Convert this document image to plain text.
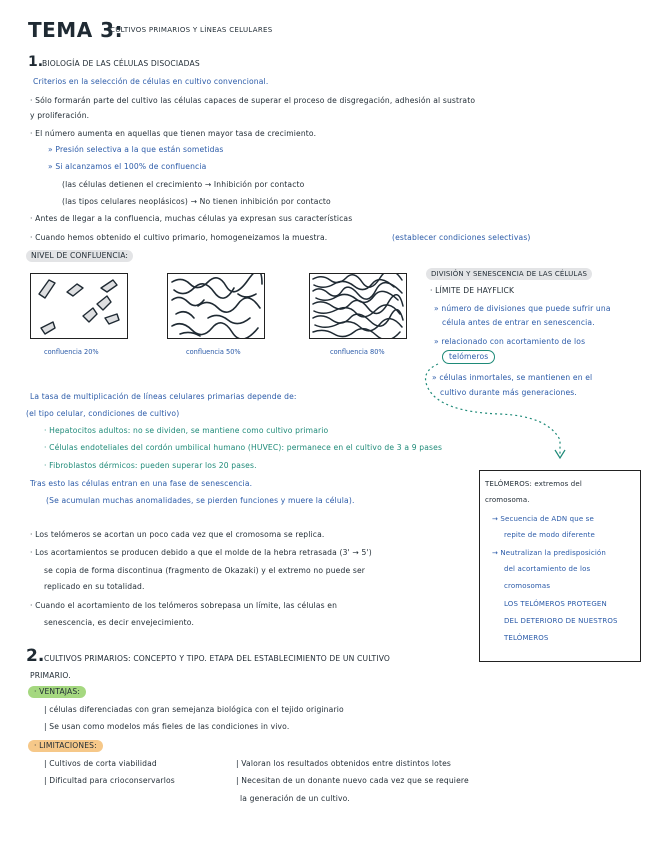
TEMA 3:
CULTIVOS PRIMARIOS Y LÍNEAS CELULARES
1.
BIOLOGÍA DE LAS CÉLULAS DISOCIADAS
Criterios en la selección de células en cultivo convencional.
· Sólo formarán parte del cultivo las células capaces de superar el proceso de disgregación, adhesión al sustrato
y proliferación.
· El número aumenta en aquellas que tienen mayor tasa de crecimiento.
» Presión selectiva a la que están sometidas
» Si alcanzamos el 100% de confluencia
(las células detienen el crecimiento → Inhibición por contacto
(las tipos celulares neoplásicos) → No tienen inhibición por contacto
· Antes de llegar a la confluencia, muchas células ya expresan sus características
· Cuando hemos obtenido el cultivo primario, homogeneizamos la muestra.	(establecer condiciones selectivas)
NIVEL DE CONFLUENCIA:
confluencia 20%	confluencia 50%	confluencia 80%
DIVISIÓN Y SENESCENCIA DE LAS CÉLULAS
· LÍMITE DE HAYFLICK
» número de divisiones que puede sufrir una
célula antes de entrar en senescencia.
» relacionado con acortamiento de los
telómeros
» células inmortales, se mantienen en el
cultivo durante más generaciones.
La tasa de multiplicación de líneas celulares primarias depende de:
(el tipo celular, condiciones de cultivo)
· Hepatocitos adultos: no se dividen, se mantiene como cultivo primario
· Células endoteliales del cordón umbilical humano (HUVEC): permanece en el cultivo de 3 a 9 pases
· Fibroblastos dérmicos: pueden superar los 20 pases.
Tras esto las células entran en una fase de senescencia.
(Se acumulan muchas anomalidades, se pierden funciones y muere la célula).
TELÓMEROS: extremos del
cromosoma.
→ Secuencia de ADN que se
repite de modo diferente
→ Neutralizan la predisposición
del acortamiento de los
cromosomas
LOS TELÓMEROS PROTEGEN
DEL DETERIORO DE NUESTROS
TELÓMEROS
· Los telómeros se acortan un poco cada vez que el cromosoma se replica.
· Los acortamientos se producen debido a que el molde de la hebra retrasada (3' → 5')
se copia de forma discontinua (fragmento de Okazaki) y el extremo no puede ser
replicado en su totalidad.
· Cuando el acortamiento de los telómeros sobrepasa un límite, las células en
senescencia, es decir envejecimiento.
2. CULTIVOS PRIMARIOS: CONCEPTO Y TIPO. ETAPA DEL ESTABLECIMIENTO DE UN CULTIVO
PRIMARIO.
· VENTAJAS:
| células diferenciadas con gran semejanza biológica con el tejido originario
| Se usan como modelos más fieles de las condiciones in vivo.
· LIMITACIONES:
| Cultivos de corta viabilidad
| Dificultad para crioconservarlos
| Valoran los resultados obtenidos entre distintos lotes
| Necesitan de un donante nuevo cada vez que se requiere
la generación de un cultivo.
